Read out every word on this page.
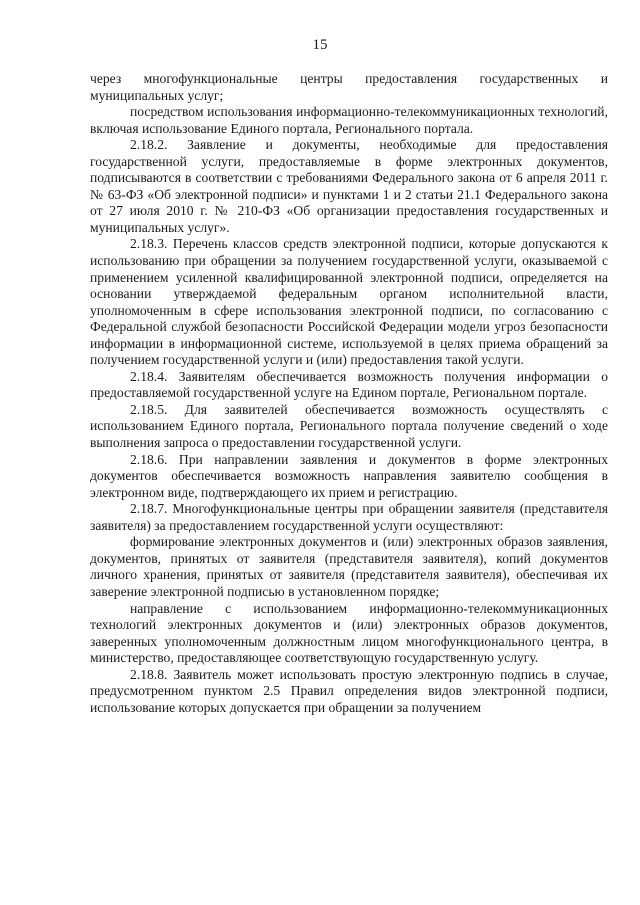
15

через многофункциональные центры предоставления государственных и муниципальных услуг;

посредством использования информационно-телекоммуникационных технологий, включая использование Единого портала, Регионального портала.

2.18.2. Заявление и документы, необходимые для предоставления государственной услуги, предоставляемые в форме электронных документов, подписываются в соответствии с требованиями Федерального закона от 6 апреля 2011 г. № 63-ФЗ «Об электронной подписи» и пунктами 1 и 2 статьи 21.1 Федерального закона от 27 июля 2010 г. № 210-ФЗ «Об организации предоставления государственных и муниципальных услуг».

2.18.3. Перечень классов средств электронной подписи, которые допускаются к использованию при обращении за получением государственной услуги, оказываемой с применением усиленной квалифицированной электронной подписи, определяется на основании утверждаемой федеральным органом исполнительной власти, уполномоченным в сфере использования электронной подписи, по согласованию с Федеральной службой безопасности Российской Федерации модели угроз безопасности информации в информационной системе, используемой в целях приема обращений за получением государственной услуги и (или) предоставления такой услуги.

2.18.4. Заявителям обеспечивается возможность получения информации о предоставляемой государственной услуге на Едином портале, Региональном портале.

2.18.5. Для заявителей обеспечивается возможность осуществлять с использованием Единого портала, Регионального портала получение сведений о ходе выполнения запроса о предоставлении государственной услуги.

2.18.6. При направлении заявления и документов в форме электронных документов обеспечивается возможность направления заявителю сообщения в электронном виде, подтверждающего их прием и регистрацию.

2.18.7. Многофункциональные центры при обращении заявителя (представителя заявителя) за предоставлением государственной услуги осуществляют:

формирование электронных документов и (или) электронных образов заявления, документов, принятых от заявителя (представителя заявителя), копий документов личного хранения, принятых от заявителя (представителя заявителя), обеспечивая их заверение электронной подписью в установленном порядке;

направление с использованием информационно-телекоммуникационных технологий электронных документов и (или) электронных образов документов, заверенных уполномоченным должностным лицом многофункционального центра, в министерство, предоставляющее соответствующую государственную услугу.

2.18.8. Заявитель может использовать простую электронную подпись в случае, предусмотренном пунктом 2.5 Правил определения видов электронной подписи, использование которых допускается при обращении за получением
